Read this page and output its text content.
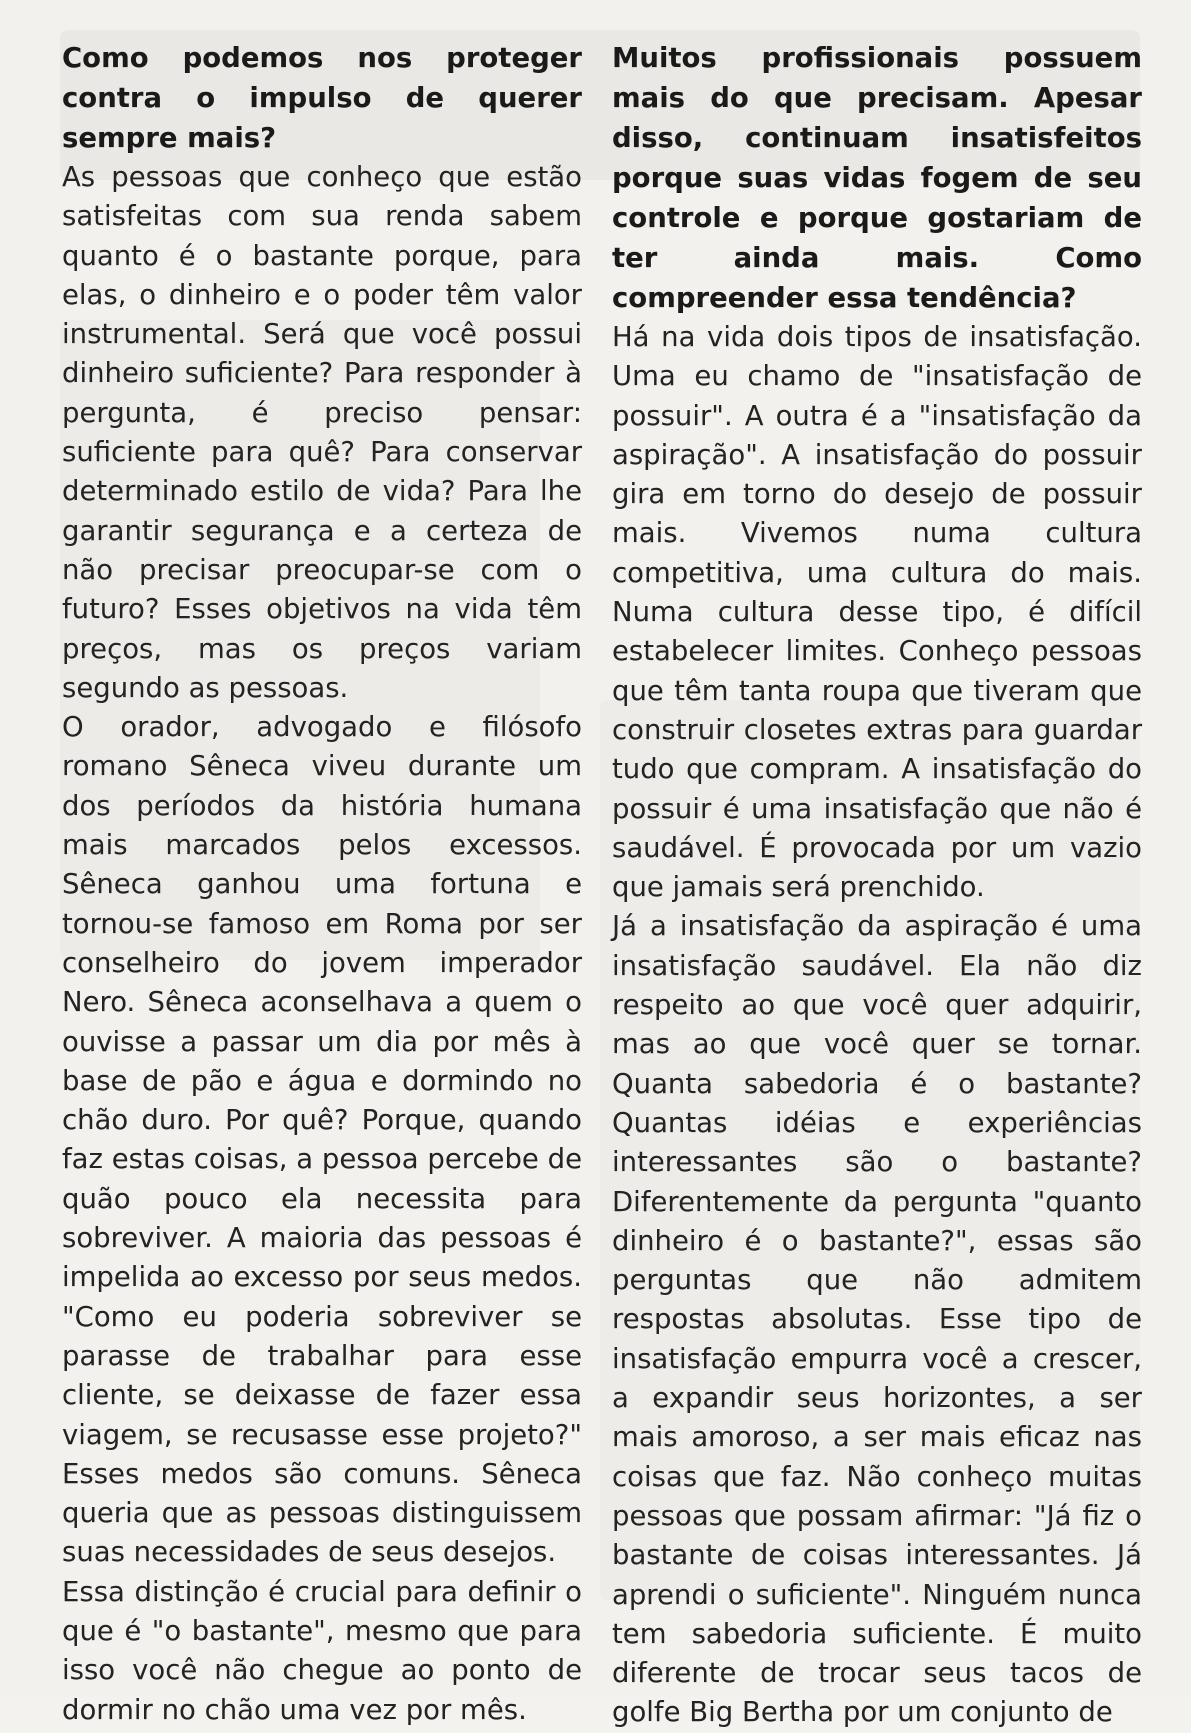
Como podemos nos proteger contra o impulso de querer sempre mais?

As pessoas que conheço que estão satisfeitas com sua renda sabem quanto é o bastante porque, para elas, o dinheiro e o poder têm valor instrumental. Será que você possui dinheiro suficiente? Para responder à pergunta, é preciso pensar: suficiente para quê? Para conservar determinado estilo de vida? Para lhe garantir segurança e a certeza de não precisar preocupar-se com o futuro? Esses objetivos na vida têm preços, mas os preços variam segundo as pessoas.

O orador, advogado e filósofo romano Sêneca viveu durante um dos períodos da história humana mais marcados pelos excessos. Sêneca ganhou uma fortuna e tornou-se famoso em Roma por ser conselheiro do jovem imperador Nero. Sêneca aconselhava a quem o ouvisse a passar um dia por mês à base de pão e água e dormindo no chão duro. Por quê? Porque, quando faz estas coisas, a pessoa percebe de quão pouco ela necessita para sobreviver. A maioria das pessoas é impelida ao excesso por seus medos. "Como eu poderia sobreviver se parasse de trabalhar para esse cliente, se deixasse de fazer essa viagem, se recusasse esse projeto?" Esses medos são comuns. Sêneca queria que as pessoas distinguissem suas necessidades de seus desejos.

Essa distinção é crucial para definir o que é "o bastante", mesmo que para isso você não chegue ao ponto de dormir no chão uma vez por mês.

Muitos profissionais possuem mais do que precisam. Apesar disso, continuam insatisfeitos porque suas vidas fogem de seu controle e porque gostariam de ter ainda mais. Como compreender essa tendência?

Há na vida dois tipos de insatisfação. Uma eu chamo de "insatisfação de possuir". A outra é a "insatisfação da aspiração". A insatisfação do possuir gira em torno do desejo de possuir mais. Vivemos numa cultura competitiva, uma cultura do mais. Numa cultura desse tipo, é difícil estabelecer limites. Conheço pessoas que têm tanta roupa que tiveram que construir closetes extras para guardar tudo que compram. A insatisfação do possuir é uma insatisfação que não é saudável. É provocada por um vazio que jamais será prenchido.

Já a insatisfação da aspiração é uma insatisfação saudável. Ela não diz respeito ao que você quer adquirir, mas ao que você quer se tornar. Quanta sabedoria é o bastante? Quantas idéias e experiências interessantes são o bastante? Diferentemente da pergunta "quanto dinheiro é o bastante?", essas são perguntas que não admitem respostas absolutas. Esse tipo de insatisfação empurra você a crescer, a expandir seus horizontes, a ser mais amoroso, a ser mais eficaz nas coisas que faz. Não conheço muitas pessoas que possam afirmar: "Já fiz o bastante de coisas interessantes. Já aprendi o suficiente". Ninguém nunca tem sabedoria suficiente. É muito diferente de trocar seus tacos de golfe Big Bertha por um conjunto de
